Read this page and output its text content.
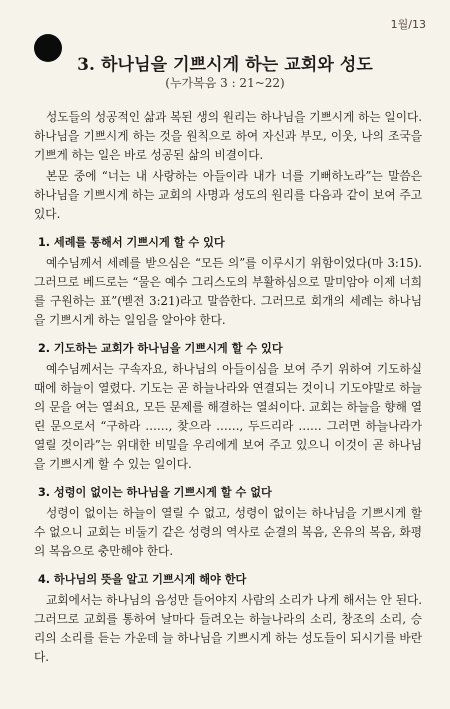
1월/13
3. 하나님을 기쁘시게 하는 교회와 성도
(누가복음 3 : 21~22)

성도들의 성공적인 삶과 복된 생의 원리는 하나님을 기쁘시게 하는 일이다. 하나님을 기쁘시게 하는 것을 원칙으로 하여 자신과 부모, 이웃, 나의 조국을 기쁘게 하는 일은 바로 성공된 삶의 비결이다.

본문 중에 “너는 내 사랑하는 아들이라 내가 너를 기뻐하노라”는 말씀은 하나님을 기쁘시게 하는 교회의 사명과 성도의 원리를 다음과 같이 보여 주고 있다.

1. 세례를 통해서 기쁘시게 할 수 있다

예수님께서 세례를 받으심은 “모든 의”를 이루시기 위함이었다(마 3:15). 그러므로 베드로는 “물은 예수 그리스도의 부활하심으로 말미암아 이제 너희를 구원하는 표”(벧전 3:21)라고 말씀한다. 그러므로 회개의 세례는 하나님을 기쁘시게 하는 일임을 알아야 한다.

2. 기도하는 교회가 하나님을 기쁘시게 할 수 있다

예수님께서는 구속자요, 하나님의 아들이심을 보여 주기 위하여 기도하실 때에 하늘이 열렸다. 기도는 곧 하늘나라와 연결되는 것이니 기도야말로 하늘의 문을 여는 열쇠요, 모든 문제를 해결하는 열쇠이다. 교회는 하늘을 향해 열린 문으로서 “구하라 ……, 찾으라 ……, 두드리라 …… 그러면 하늘나라가 열릴 것이라”는 위대한 비밀을 우리에게 보여 주고 있으니 이것이 곧 하나님을 기쁘시게 할 수 있는 일이다.

3. 성령이 없이는 하나님을 기쁘시게 할 수 없다

성령이 없이는 하늘이 열릴 수 없고, 성령이 없이는 하나님을 기쁘시게 할 수 없으니 교회는 비둘기 같은 성령의 역사로 순결의 복음, 온유의 복음, 화평의 복음으로 충만해야 한다.

4. 하나님의 뜻을 알고 기쁘시게 해야 한다

교회에서는 하나님의 음성만 들어야지 사람의 소리가 나게 해서는 안 된다. 그러므로 교회를 통하여 날마다 들려오는 하늘나라의 소리, 창조의 소리, 승리의 소리를 듣는 가운데 늘 하나님을 기쁘시게 하는 성도들이 되시기를 바란다.
